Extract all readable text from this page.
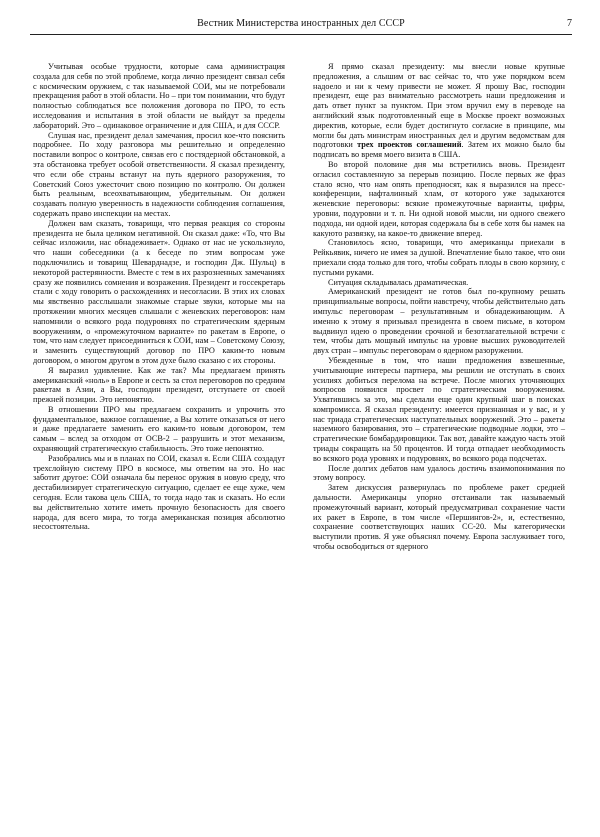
Вестник Министерства иностранных дел СССР	7

Учитывая особые трудности, которые сама администрация создала для себя по этой проблеме, когда лично президент связал себя с космическим оружием, с так называемой СОИ, мы не потребовали прекращения работ в этой области. Но – при том понимании, что будут полностью соблюдаться все положения договора по ПРО, то есть исследования и испытания в этой области не выйдут за пределы лабораторий. Это – одинаковое ограничение и для США, и для СССР.

Слушая нас, президент делал замечания, просил кое-что пояснить подробнее. По ходу разговора мы решительно и определенно поставили вопрос о контроле, связав его с постядерной обстановкой, а эта обстановка требует особой ответственности. Я сказал президенту, что если обе страны встанут на путь ядерного разоружения, то Советский Союз ужесточит свою позицию по контролю. Он должен быть реальным, всеохватывающим, убедительным. Он должен создавать полную уверенность в надежности соблюдения соглашения, содержать право инспекции на местах.

Должен вам сказать, товарищи, что первая реакция со стороны президента не была целиком негативной. Он сказал даже: «То, что Вы сейчас изложили, нас обнадеживает». Однако от нас не ускользнуло, что наши собеседники (а к беседе по этим вопросам уже подключились и товарищ Шеварднадзе, и господин Дж. Шульц) в некоторой растерянности. Вместе с тем в их разрозненных замечаниях сразу же появились сомнения и возражения. Президент и госсекретарь стали с ходу говорить о расхождениях и несогласии. В этих их словах мы явственно расслышали знакомые старые звуки, которые мы на протяжении многих месяцев слышали с женевских переговоров: нам напомнили о всякого рода подуровнях по стратегическим ядерным вооружениям, о «промежуточном варианте» по ракетам в Европе, о том, что нам следует присоединиться к СОИ, нам – Советскому Союзу, и заменить существующий договор по ПРО каким-то новым договором, о многом другом в этом духе было сказано с их стороны.

Я выразил удивление. Как же так? Мы предлагаем принять американский «ноль» в Европе и сесть за стол переговоров по средним ракетам в Азии, а Вы, господин президент, отступаете от своей прежней позиции. Это непонятно.

В отношении ПРО мы предлагаем сохранить и упрочить это фундаментальное, важное соглашение, а Вы хотите отказаться от него и даже предлагаете заменить его каким-то новым договором, тем самым – вслед за отходом от ОСВ-2 – разрушить и этот механизм, охраняющий стратегическую стабильность. Это тоже непонятно.

Разобрались мы и в планах по СОИ, сказал я. Если США создадут трехслойную систему ПРО в космосе, мы ответим на это. Но нас заботит другое: СОИ означала бы перенос оружия в новую среду, что дестабилизирует стратегическую ситуацию, сделает ее еще хуже, чем сегодня. Если такова цель США, то тогда надо так и сказать. Но если вы действительно хотите иметь прочную безопасность для своего народа, для всего мира, то тогда американская позиция абсолютно несостоятельна.

Я прямо сказал президенту: мы внесли новые крупные предложения, а слышим от вас сейчас то, что уже порядком всем надоело и ни к чему привести не может. Я прошу Вас, господин президент, еще раз внимательно рассмотреть наши предложения и дать ответ пункт за пунктом. При этом вручил ему в переводе на английский язык подготовленный еще в Москве проект возможных директив, которые, если будет достигнуто согласие в принципе, мы могли бы дать министрам иностранных дел и другим ведомствам для подготовки трех проектов соглашений. Затем их можно было бы подписать во время моего визита в США.

Во второй половине дня мы встретились вновь. Президент огласил составленную за перерыв позицию. После первых же фраз стало ясно, что нам опять преподносят, как я выразился на пресс-конференции, нафталинный хлам, от которого уже задыхаются женевские переговоры: всякие промежуточные варианты, цифры, уровни, подуровни и т. п. Ни одной новой мысли, ни одного свежего подхода, ни одной идеи, которая содержала бы в себе хотя бы намек на какуюто развязку, на какое-то движение вперед.

Становилось ясно, товарищи, что американцы приехали в Рейкьявик, ничего не имея за душой. Впечатление было такое, что они приехали сюда только для того, чтобы собрать плоды в свою корзину, с пустыми руками.

Ситуация складывалась драматическая.

Американский президент не готов был по-крупному решать принципиальные вопросы, пойти навстречу, чтобы действительно дать импульс переговорам – результативным и обнадеживающим. А именно к этому я призывал президента в своем письме, в котором выдвинул идею о проведении срочной и безотлагательной встречи с тем, чтобы дать мощный импульс на уровне высших руководителей двух стран – импульс переговорам о ядерном разоружении.

Убежденные в том, что наши предложения взвешенные, учитывающие интересы партнера, мы решили не отступать в своих усилиях добиться перелома на встрече. После многих уточняющих вопросов появился просвет по стратегическим вооружениям. Ухватившись за это, мы сделали еще один крупный шаг в поисках компромисса. Я сказал президенту: имеется признанная и у вас, и у нас триада стратегических наступательных вооружений. Это – ракеты наземного базирования, это – стратегические подводные лодки, это – стратегические бомбардировщики. Так вот, давайте каждую часть этой триады сокращать на 50 процентов. И тогда отпадает необходимость во всякого рода уровнях и подуровнях, во всякого рода подсчетах.

После долгих дебатов нам удалось достичь взаимопонимания по этому вопросу.

Затем дискуссия развернулась по проблеме ракет средней дальности. Американцы упорно отстаивали так называемый промежуточный вариант, который предусматривал сохранение части их ракет в Европе, в том числе «Першингов-2», и, естественно, сохранение соответствующих наших СС-20. Мы категорически выступили против. Я уже объяснял почему. Европа заслуживает того, чтобы освободиться от ядерного
